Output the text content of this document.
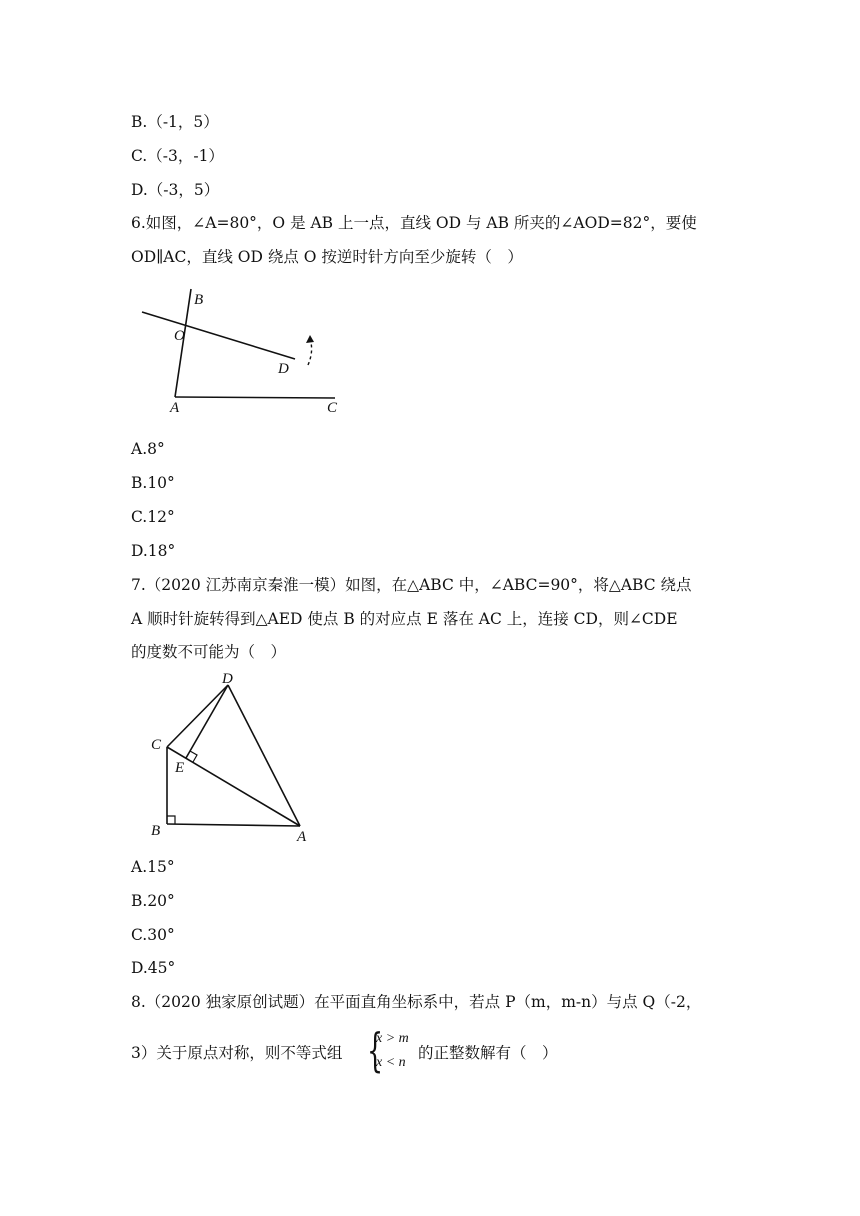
B.（-1，5）
C.（-3，-1）
D.（-3，5）
6.如图，∠A=80°，O 是 AB 上一点，直线 OD 与 AB 所夹的∠AOD=82°，要使
OD∥AC，直线 OD 绕点 O 按逆时针方向至少旋转（　）
B
O
D
A	C
A.8°
B.10°
C.12°
D.18°
7.（2020 江苏南京秦淮一模）如图，在△ABC 中，∠ABC=90°，将△ABC 绕点
A 顺时针旋转得到△AED 使点 B 的对应点 E 落在 AC 上，连接 CD，则∠CDE
的度数不可能为（　）
D
C
E
B	A
A.15°
B.20°
C.30°
D.45°
8.（2020 独家原创试题）在平面直角坐标系中，若点 P（m，m-n）与点 Q（-2，
3）关于原点对称，则不等式组 {
x > m
x < n
的正整数解有（　）
